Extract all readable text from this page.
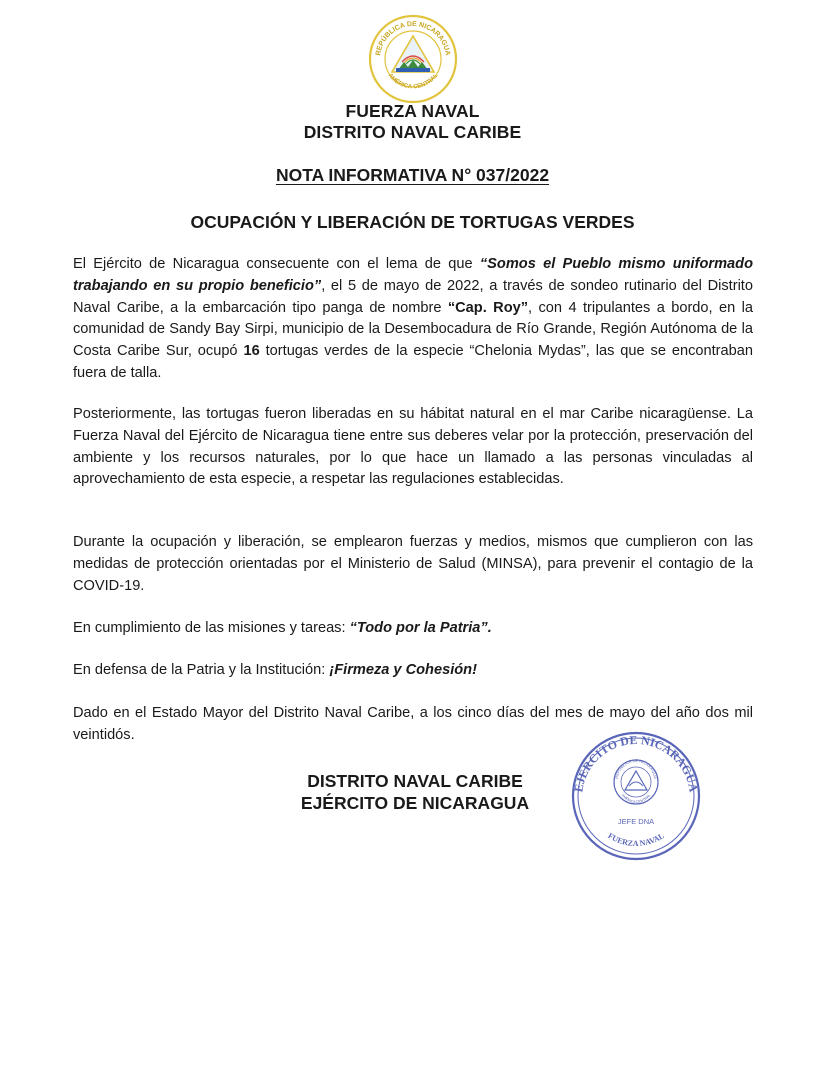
REPÚBLICA DE NICARAGUA
AMÉRICA CENTRAL
FUERZA NAVAL
DISTRITO NAVAL CARIBE
NOTA INFORMATIVA N° 037/2022
OCUPACIÓN Y LIBERACIÓN DE TORTUGAS VERDES

El Ejército de Nicaragua consecuente con el lema de que “Somos el Pueblo mismo uniformado trabajando en su propio beneficio”, el 5 de mayo de 2022, a través de sondeo rutinario del Distrito Naval Caribe, a la embarcación tipo panga de nombre “Cap. Roy”, con 4 tripulantes a bordo, en la comunidad de Sandy Bay Sirpi, municipio de la Desembocadura de Río Grande, Región Autónoma de la Costa Caribe Sur, ocupó 16 tortugas verdes de la especie “Chelonia Mydas”, las que se encontraban fuera de talla.

Posteriormente, las tortugas fueron liberadas en su hábitat natural en el mar Caribe nicaragüense. La Fuerza Naval del Ejército de Nicaragua tiene entre sus deberes velar por la protección, preservación del ambiente y los recursos naturales, por lo que hace un llamado a las personas vinculadas al aprovechamiento de esta especie, a respetar las regulaciones establecidas.

Durante la ocupación y liberación, se emplearon fuerzas y medios, mismos que cumplieron con las medidas de protección orientadas por el Ministerio de Salud (MINSA), para prevenir el contagio de la COVID-19.

En cumplimiento de las misiones y tareas: “Todo por la Patria”.

En defensa de la Patria y la Institución: ¡Firmeza y Cohesión!

Dado en el Estado Mayor del Distrito Naval Caribe, a los cinco días del mes de mayo del año dos mil veintidós.

DISTRITO NAVAL CARIBE
EJÉRCITO DE NICARAGUA
EJÉRCITO DE NICARAGUA
FUERZA NAVAL
REPÚBLICA DE NICARAGUA
AMÉRICA CENTRAL
JEFE DNA
